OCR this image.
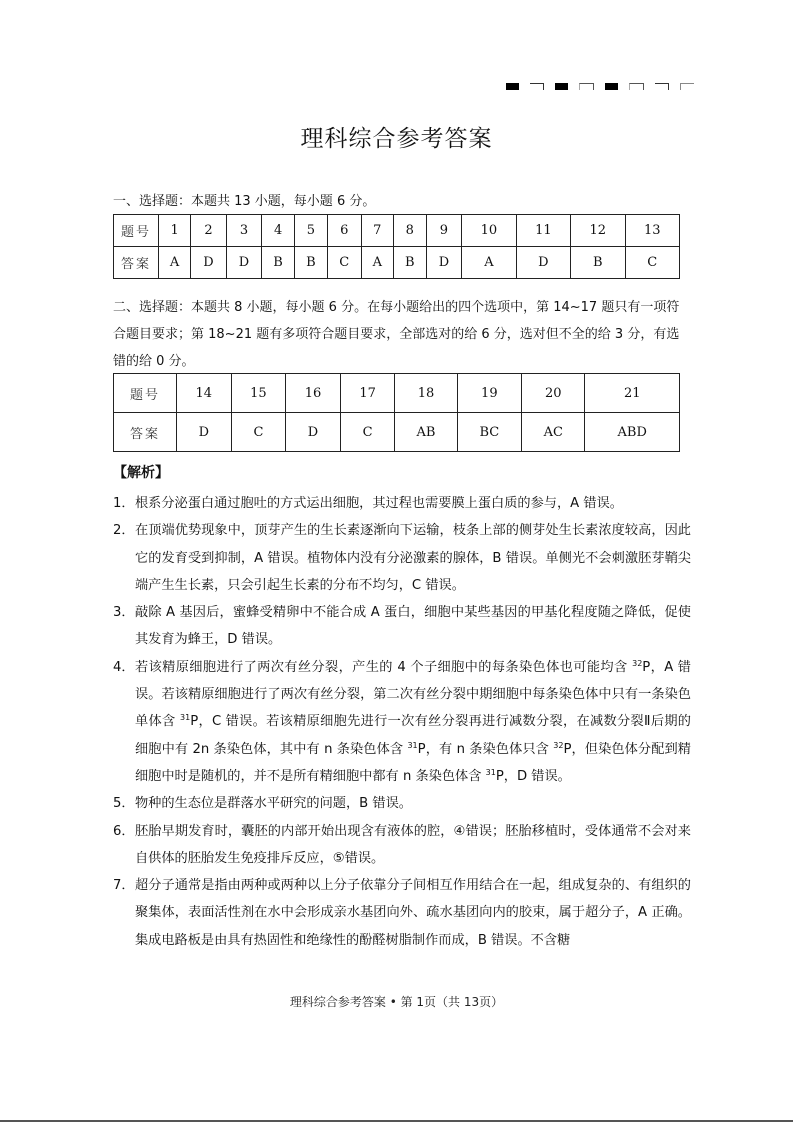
理科综合参考答案
一、选择题：本题共 13 小题，每小题 6 分。
题号	1	2	3	4	5	6	7	8	9	10	11	12	13
答案	A	D	D	B	B	C	A	B	D	A	D	B	C
二、选择题：本题共 8 小题，每小题 6 分。在每小题给出的四个选项中，第 14~17 题只有一项符合题目要求；第 18~21 题有多项符合题目要求，全部选对的给 6 分，选对但不全的给 3 分，有选错的给 0 分。
题号	14	15	16	17	18	19	20	21
答案	D	C	D	C	AB	BC	AC	ABD
【解析】
1． 根系分泌蛋白通过胞吐的方式运出细胞，其过程也需要膜上蛋白质的参与，A 错误。
2． 在顶端优势现象中，顶芽产生的生长素逐渐向下运输，枝条上部的侧芽处生长素浓度较高，因此它的发育受到抑制，A 错误。植物体内没有分泌激素的腺体，B 错误。单侧光不会刺激胚芽鞘尖端产生生长素，只会引起生长素的分布不均匀，C 错误。
3． 敲除 A 基因后，蜜蜂受精卵中不能合成 A 蛋白，细胞中某些基因的甲基化程度随之降低，促使其发育为蜂王，D 错误。
4． 若该精原细胞进行了两次有丝分裂，产生的 4 个子细胞中的每条染色体也可能均含 $^{32}$P，A 错误。若该精原细胞进行了两次有丝分裂，第二次有丝分裂中期细胞中每条染色体中只有一条染色单体含 $^{31}$P，C 错误。若该精原细胞先进行一次有丝分裂再进行减数分裂，在减数分裂Ⅱ后期的细胞中有 2n 条染色体，其中有 n 条染色体含 $^{31}$P，有 n 条染色体只含 $^{32}$P，但染色体分配到精细胞中时是随机的，并不是所有精细胞中都有 n 条染色体含 $^{31}$P，D 错误。
5． 物种的生态位是群落水平研究的问题，B 错误。
6． 胚胎早期发育时，囊胚的内部开始出现含有液体的腔，④错误；胚胎移植时，受体通常不会对来自供体的胚胎发生免疫排斥反应，⑤错误。
7． 超分子通常是指由两种或两种以上分子依靠分子间相互作用结合在一起，组成复杂的、有组织的聚集体，表面活性剂在水中会形成亲水基团向外、疏水基团向内的胶束，属于超分子，A 正确。集成电路板是由具有热固性和绝缘性的酚醛树脂制作而成，B 错误。不含糖
理科综合参考答案 • 第 1页（共 13页）
